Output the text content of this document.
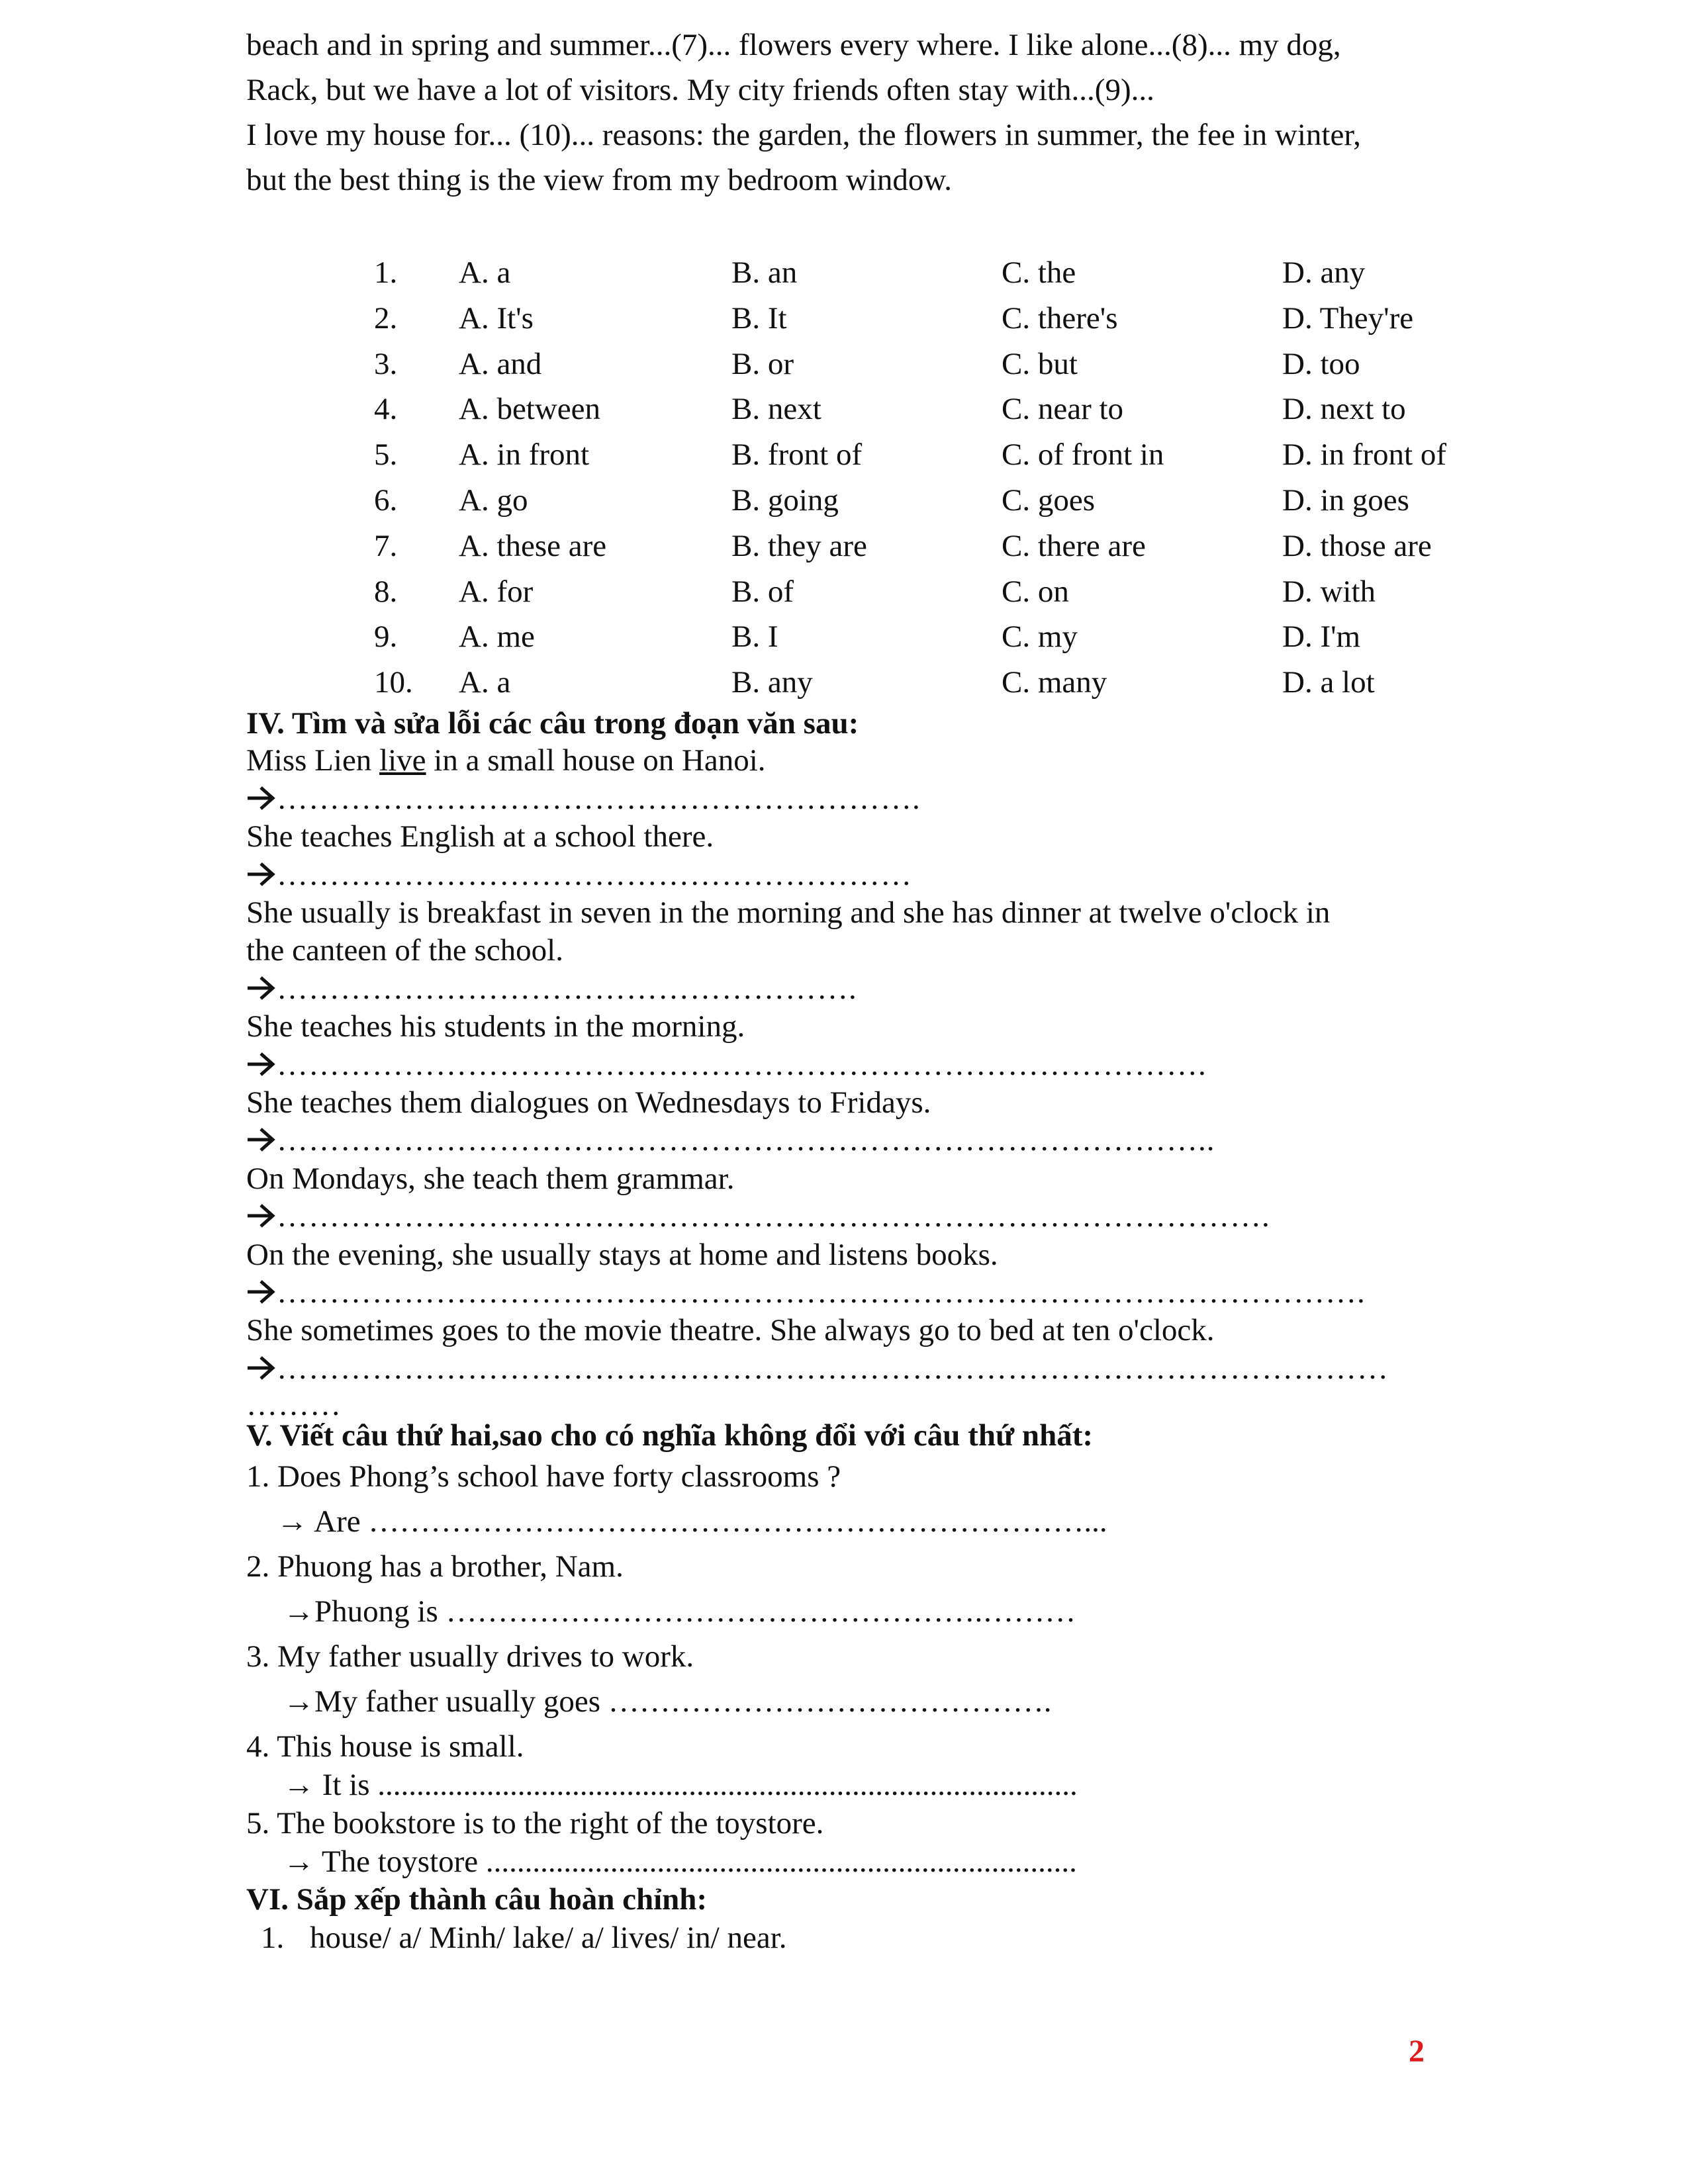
beach and in spring and summer...(7)... flowers every where. I like alone...(8)... my dog,

Rack, but we have a lot of visitors. My city friends often stay with...(9)...

I love my house for... (10)... reasons: the garden, the flowers in summer, the fee in winter,

but the best thing is the view from my bedroom window.

1. A. a	B. an	C. the	D. any
2. A. It's	B. It	C. there's	D. They're
3. A. and	B. or	C. but	D. too
4. A. between	B. next	C. near to	D. next to
5. A. in front	B. front of	C. of front in	D. in front of
6. A. go	B. going	C. goes	D. in goes
7. A. these are	B. they are	C. there are	D. those are
8. A. for	B. of	C. on	D. with
9. A. me	B. I	C. my	D. I'm
10. A. a	B. any	C. many	D. a lot
IV. Tìm và sửa lỗi các câu trong đoạn văn sau:
Miss Lien live in a small house on Hanoi.
…………………………………………………….
She teaches English at a school there.
……………………………………………………
She usually is breakfast in seven in the morning and she has dinner at twelve o'clock in
the canteen of the school.
……………………………………………….
She teaches his students in the morning.
…………………………………………………………………………….
She teaches them dialogues on Wednesdays to Fridays.
……………………………………………………………………………..
On Mondays, she teach them grammar.
………………………………………………………………………………….
On the evening, she usually stays at home and listens books.
………………………………………………………………………………………….
She sometimes goes to the movie theatre. She always go to bed at ten o'clock.
……………………………………………………………………………………………
………
V. Viết câu thứ hai,sao cho có nghĩa không đổi với câu thứ nhất:
1. Does Phong’s school have forty classrooms ?
→ Are ……………………………………………………………...
2. Phuong has a brother, Nam.
→Phuong is …………………………………………….………
3. My father usually drives to work.
→My father usually goes …………………………………….
4. This house is small.
→ It is ..........................................................................................
5. The bookstore is to the right of the toystore.
→ The toystore ............................................................................
VI. Sắp xếp thành câu hoàn chỉnh:
1. house/ a/ Minh/ lake/ a/ lives/ in/ near.
2
